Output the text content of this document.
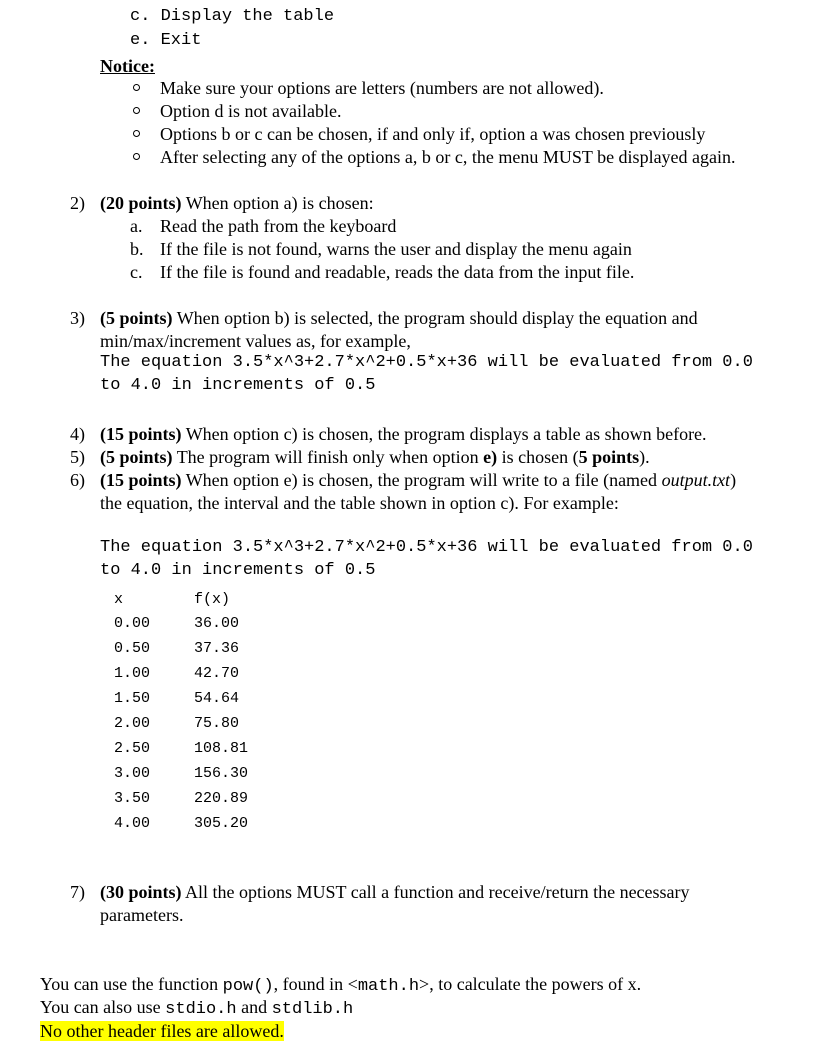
c. Display the table
e. Exit
Notice:
Make sure your options are letters (numbers are not allowed).
Option d is not available.
Options b or c can be chosen, if and only if, option a was chosen previously
After selecting any of the options a, b or c, the menu MUST be displayed again.
2) (20 points) When option a) is chosen:
a. Read the path from the keyboard
b. If the file is not found, warns the user and display the menu again
c. If the file is found and readable, reads the data from the input file.
3) (5 points) When option b) is selected, the program should display the equation and
min/max/increment values as, for example,
The equation 3.5*x^3+2.7*x^2+0.5*x+36 will be evaluated from 0.0
to 4.0 in increments of 0.5
4) (15 points) When option c) is chosen, the program displays a table as shown before.
5) (5 points) The program will finish only when option e) is chosen (5 points).
6) (15 points) When option e) is chosen, the program will write to a file (named output.txt)
the equation, the interval and the table shown in option c). For example:
The equation 3.5*x^3+2.7*x^2+0.5*x+36 will be evaluated from 0.0
to 4.0 in increments of 0.5
x	f(x)
0.00	36.00
0.50	37.36
1.00	42.70
1.50	54.64
2.00	75.80
2.50	108.81
3.00	156.30
3.50	220.89
4.00	305.20
7) (30 points) All the options MUST call a function and receive/return the necessary
parameters.
You can use the function pow(), found in <math.h>, to calculate the powers of x.
You can also use stdio.h and stdlib.h
No other header files are allowed.
